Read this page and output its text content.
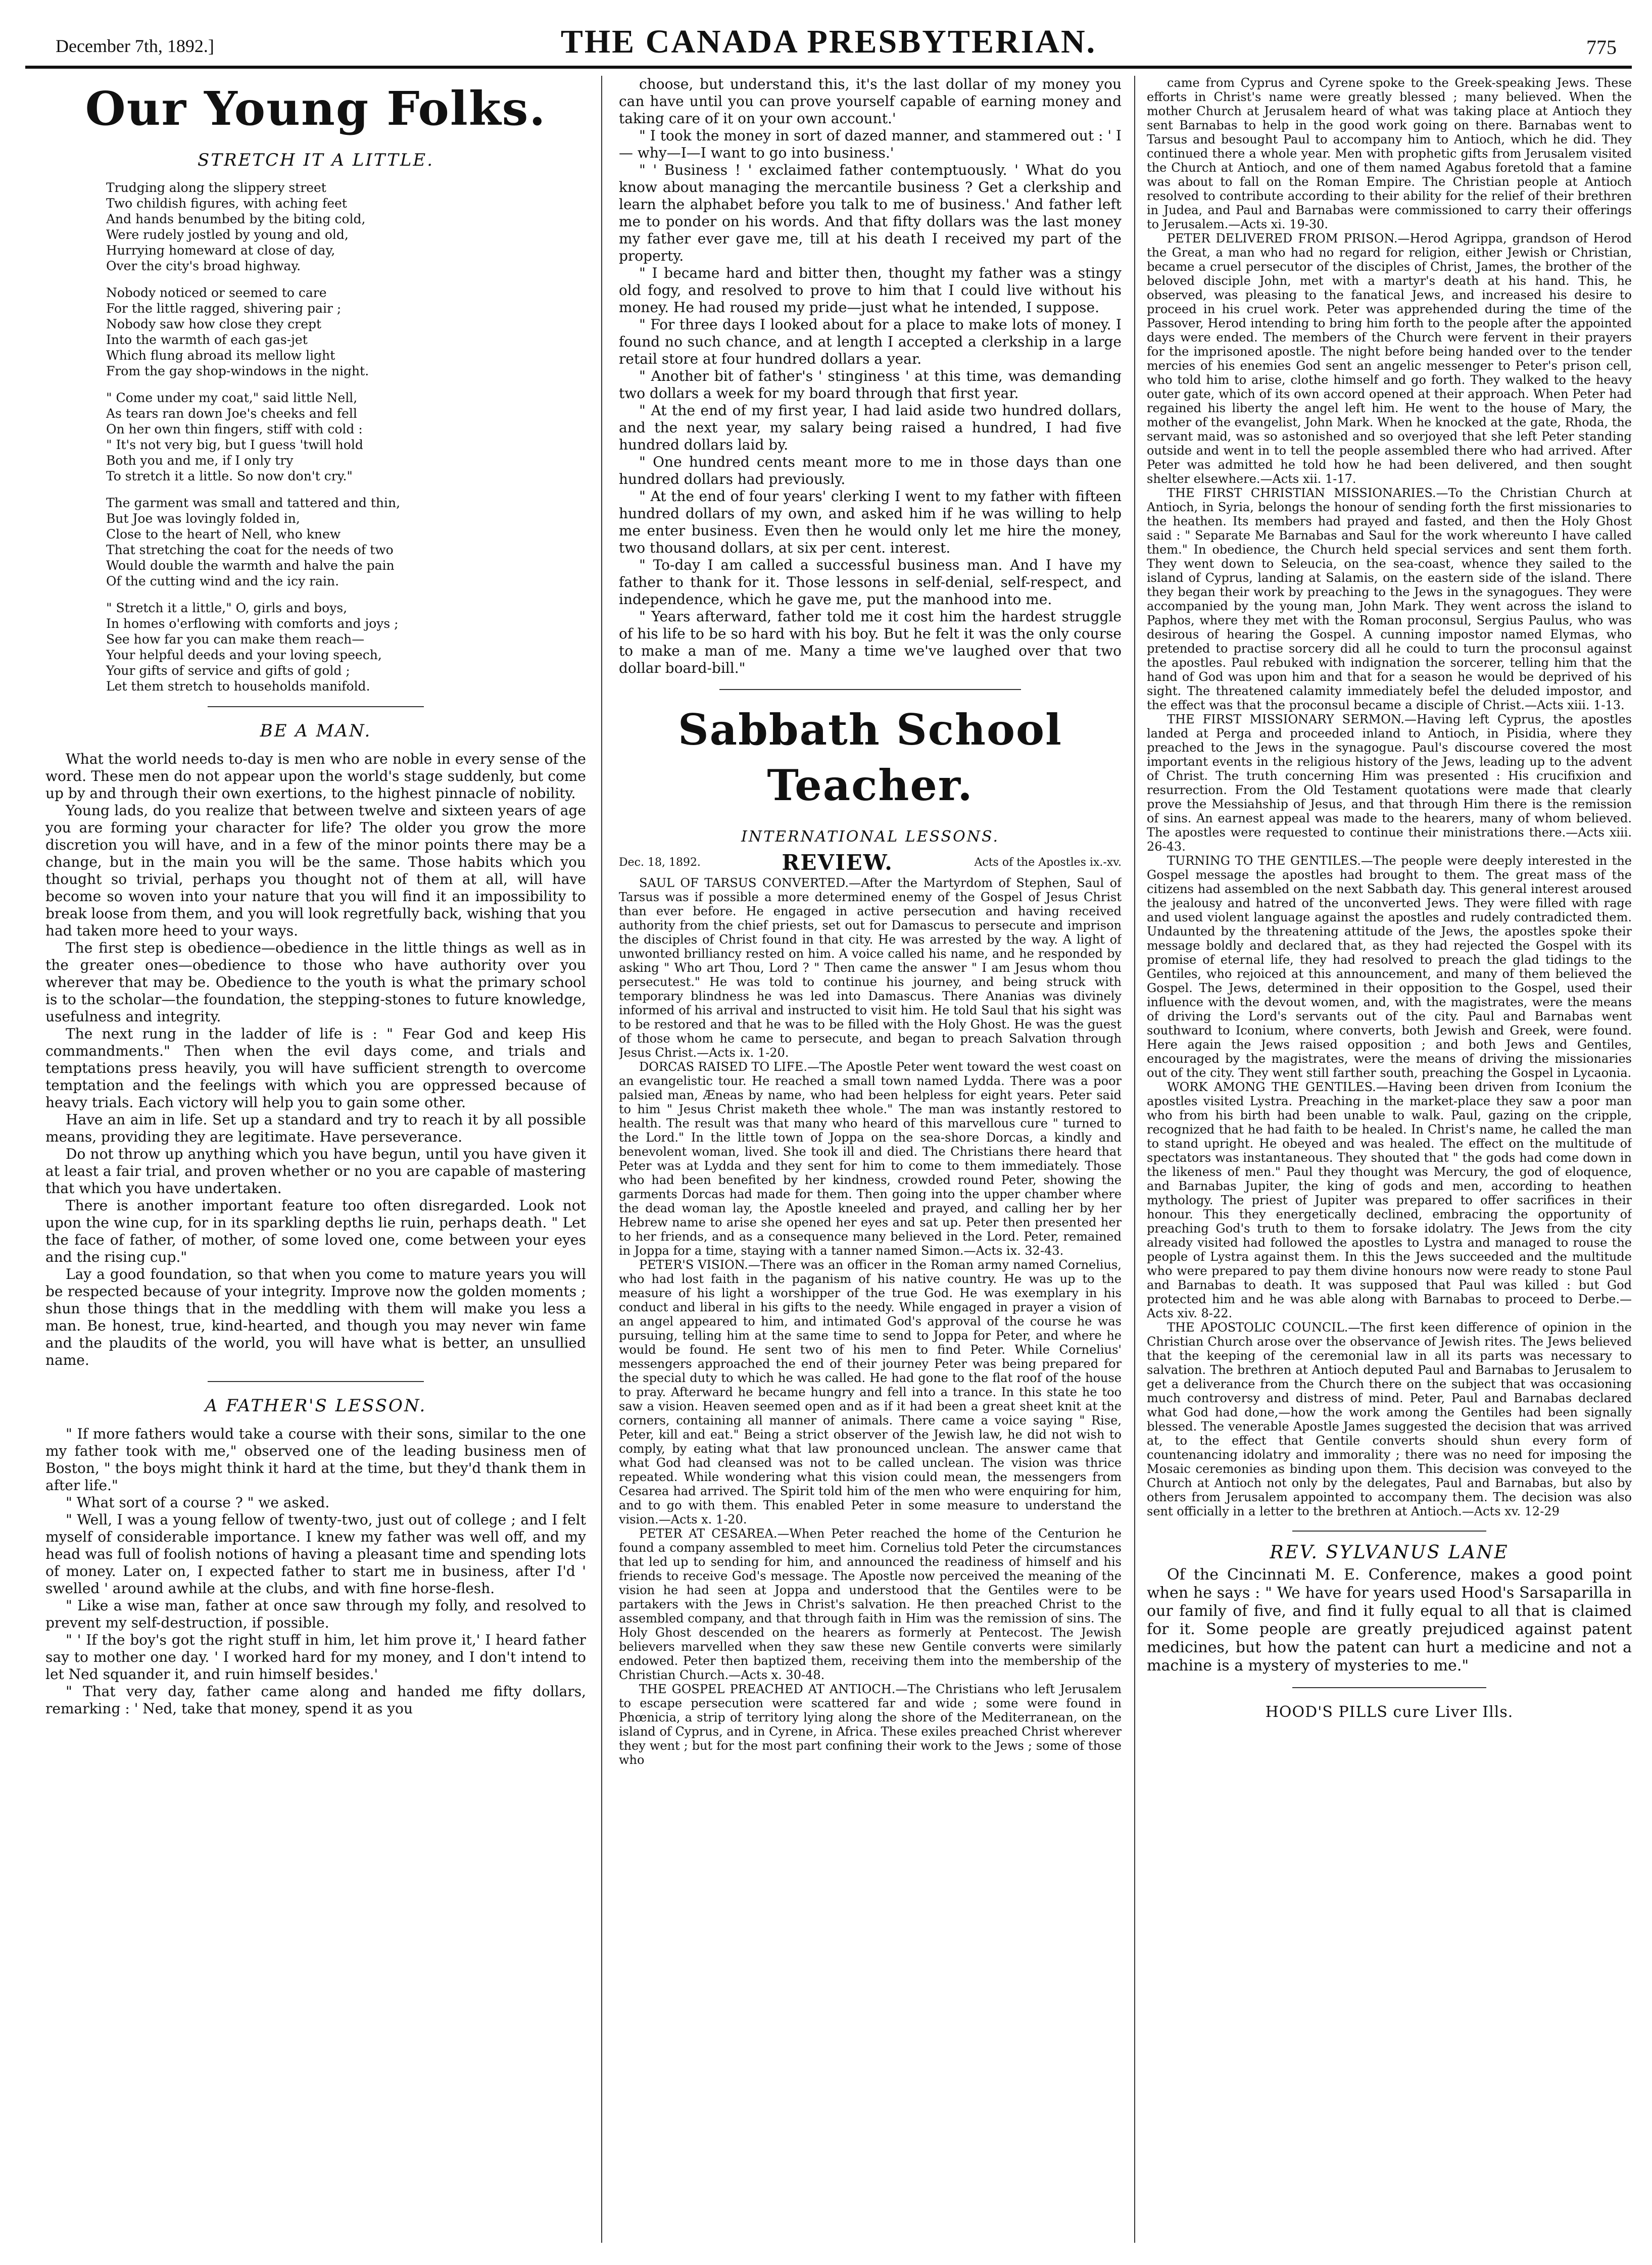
December 7th, 1892.]	THE CANADA PRESBYTERIAN.	775
Our Young Folks.
STRETCH IT A LITTLE.
Trudging along the slippery street
Two childish figures, with aching feet
And hands benumbed by the biting cold,
Were rudely jostled by young and old,
Hurrying homeward at close of day,
Over the city's broad highway.
Nobody noticed or seemed to care
For the little ragged, shivering pair ;
Nobody saw how close they crept
Into the warmth of each gas-jet
Which flung abroad its mellow light
From the gay shop-windows in the night.
" Come under my coat," said little Nell,
As tears ran down Joe's cheeks and fell
On her own thin fingers, stiff with cold :
" It's not very big, but I guess 'twill hold
Both you and me, if I only try
To stretch it a little. So now don't cry."
The garment was small and tattered and thin,
But Joe was lovingly folded in,
Close to the heart of Nell, who knew
That stretching the coat for the needs of two
Would double the warmth and halve the pain
Of the cutting wind and the icy rain.
" Stretch it a little," O, girls and boys,
In homes o'erflowing with comforts and joys ;
See how far you can make them reach—
Your helpful deeds and your loving speech,
Your gifts of service and gifts of gold ;
Let them stretch to households manifold.
BE A MAN.

What the world needs to-day is men who are noble in every sense of the word. These men do not appear upon the world's stage suddenly, but come up by and through their own exertions, to the highest pinnacle of nobility.

Young lads, do you realize that between twelve and sixteen years of age you are forming your character for life? The older you grow the more discretion you will have, and in a few of the minor points there may be a change, but in the main you will be the same. Those habits which you thought so trivial, perhaps you thought not of them at all, will have become so woven into your nature that you will find it an impossibility to break loose from them, and you will look regretfully back, wishing that you had taken more heed to your ways.

The first step is obedience—obedience in the little things as well as in the greater ones—obedience to those who have authority over you wherever that may be. Obedience to the youth is what the primary school is to the scholar—the foundation, the stepping-stones to future knowledge, usefulness and integrity.

The next rung in the ladder of life is : " Fear God and keep His commandments." Then when the evil days come, and trials and temptations press heavily, you will have sufficient strength to overcome temptation and the feelings with which you are oppressed because of heavy trials. Each victory will help you to gain some other.

Have an aim in life. Set up a standard and try to reach it by all possible means, providing they are legitimate. Have perseverance.

Do not throw up anything which you have begun, until you have given it at least a fair trial, and proven whether or no you are capable of mastering that which you have undertaken.

There is another important feature too often disregarded. Look not upon the wine cup, for in its sparkling depths lie ruin, perhaps death. " Let the face of father, of mother, of some loved one, come between your eyes and the rising cup."

Lay a good foundation, so that when you come to mature years you will be respected because of your integrity. Improve now the golden moments ; shun those things that in the meddling with them will make you less a man. Be honest, true, kind-hearted, and though you may never win fame and the plaudits of the world, you will have what is better, an unsullied name.

A FATHER'S LESSON.

" If more fathers would take a course with their sons, similar to the one my father took with me," observed one of the leading business men of Boston, " the boys might think it hard at the time, but they'd thank them in after life."

" What sort of a course ? " we asked.

" Well, I was a young fellow of twenty-two, just out of college ; and I felt myself of considerable importance. I knew my father was well off, and my head was full of foolish notions of having a pleasant time and spending lots of money. Later on, I expected father to start me in business, after I'd ' swelled ' around awhile at the clubs, and with fine horse-flesh.

" Like a wise man, father at once saw through my folly, and resolved to prevent my self-destruction, if possible.

" ' If the boy's got the right stuff in him, let him prove it,' I heard father say to mother one day. ' I worked hard for my money, and I don't intend to let Ned squander it, and ruin himself besides.'

" That very day, father came along and handed me fifty dollars, remarking : ' Ned, take that money, spend it as you

choose, but understand this, it's the last dollar of my money you can have until you can prove yourself capable of earning money and taking care of it on your own account.'

" I took the money in sort of dazed manner, and stammered out : ' I— why—I—I want to go into business.'

" ' Business ! ' exclaimed father contemptuously. ' What do you know about managing the mercantile business ? Get a clerkship and learn the alphabet before you talk to me of business.' And father left me to ponder on his words. And that fifty dollars was the last money my father ever gave me, till at his death I received my part of the property.

" I became hard and bitter then, thought my father was a stingy old fogy, and resolved to prove to him that I could live without his money. He had roused my pride—just what he intended, I suppose.

" For three days I looked about for a place to make lots of money. I found no such chance, and at length I accepted a clerkship in a large retail store at four hundred dollars a year.

" Another bit of father's ' stinginess ' at this time, was demanding two dollars a week for my board through that first year.

" At the end of my first year, I had laid aside two hundred dollars, and the next year, my salary being raised a hundred, I had five hundred dollars laid by.

" One hundred cents meant more to me in those days than one hundred dollars had previously.

" At the end of four years' clerking I went to my father with fifteen hundred dollars of my own, and asked him if he was willing to help me enter business. Even then he would only let me hire the money, two thousand dollars, at six per cent. interest.

" To-day I am called a successful business man. And I have my father to thank for it. Those lessons in self-denial, self-respect, and independence, which he gave me, put the manhood into me.

" Years afterward, father told me it cost him the hardest struggle of his life to be so hard with his boy. But he felt it was the only course to make a man of me. Many a time we've laughed over that two dollar board-bill."

Sabbath School Teacher.
INTERNATIONAL LESSONS.
Dec. 18, 1892.	REVIEW.	Acts of the Apostles ix.-xv.

SAUL OF TARSUS CONVERTED.—After the Martyrdom of Stephen, Saul of Tarsus was if possible a more determined enemy of the Gospel of Jesus Christ than ever before. He engaged in active persecution and having received authority from the chief priests, set out for Damascus to persecute and imprison the disciples of Christ found in that city. He was arrested by the way. A light of unwonted brilliancy rested on him. A voice called his name, and he responded by asking " Who art Thou, Lord ? " Then came the answer " I am Jesus whom thou persecutest." He was told to continue his journey, and being struck with temporary blindness he was led into Damascus. There Ananias was divinely informed of his arrival and instructed to visit him. He told Saul that his sight was to be restored and that he was to be filled with the Holy Ghost. He was the guest of those whom he came to persecute, and began to preach Salvation through Jesus Christ.—Acts ix. 1-20.

DORCAS RAISED TO LIFE.—The Apostle Peter went toward the west coast on an evangelistic tour. He reached a small town named Lydda. There was a poor palsied man, Æneas by name, who had been helpless for eight years. Peter said to him " Jesus Christ maketh thee whole." The man was instantly restored to health. The result was that many who heard of this marvellous cure " turned to the Lord." In the little town of Joppa on the sea-shore Dorcas, a kindly and benevolent woman, lived. She took ill and died. The Christians there heard that Peter was at Lydda and they sent for him to come to them immediately. Those who had been benefited by her kindness, crowded round Peter, showing the garments Dorcas had made for them. Then going into the upper chamber where the dead woman lay, the Apostle kneeled and prayed, and calling her by her Hebrew name to arise she opened her eyes and sat up. Peter then presented her to her friends, and as a consequence many believed in the Lord. Peter, remained in Joppa for a time, staying with a tanner named Simon.—Acts ix. 32-43.

PETER'S VISION.—There was an officer in the Roman army named Cornelius, who had lost faith in the paganism of his native country. He was up to the measure of his light a worshipper of the true God. He was exemplary in his conduct and liberal in his gifts to the needy. While engaged in prayer a vision of an angel appeared to him, and intimated God's approval of the course he was pursuing, telling him at the same time to send to Joppa for Peter, and where he would be found. He sent two of his men to find Peter. While Cornelius' messengers approached the end of their journey Peter was being prepared for the special duty to which he was called. He had gone to the flat roof of the house to pray. Afterward he became hungry and fell into a trance. In this state he too saw a vision. Heaven seemed open and as if it had been a great sheet knit at the corners, containing all manner of animals. There came a voice saying " Rise, Peter, kill and eat." Being a strict observer of the Jewish law, he did not wish to comply, by eating what that law pronounced unclean. The answer came that what God had cleansed was not to be called unclean. The vision was thrice repeated. While wondering what this vision could mean, the messengers from Cesarea had arrived. The Spirit told him of the men who were enquiring for him, and to go with them. This enabled Peter in some measure to understand the vision.—Acts x. 1-20.

PETER AT CESAREA.—When Peter reached the home of the Centurion he found a company assembled to meet him. Cornelius told Peter the circumstances that led up to sending for him, and announced the readiness of himself and his friends to receive God's message. The Apostle now perceived the meaning of the vision he had seen at Joppa and understood that the Gentiles were to be partakers with the Jews in Christ's salvation. He then preached Christ to the assembled company, and that through faith in Him was the remission of sins. The Holy Ghost descended on the hearers as formerly at Pentecost. The Jewish believers marvelled when they saw these new Gentile converts were similarly endowed. Peter then baptized them, receiving them into the membership of the Christian Church.—Acts x. 30-48.

THE GOSPEL PREACHED AT ANTIOCH.—The Christians who left Jerusalem to escape persecution were scattered far and wide ; some were found in Phœnicia, a strip of territory lying along the shore of the Mediterranean, on the island of Cyprus, and in Cyrene, in Africa. These exiles preached Christ wherever they went ; but for the most part confining their work to the Jews ; some of those who

came from Cyprus and Cyrene spoke to the Greek-speaking Jews. These efforts in Christ's name were greatly blessed ; many believed. When the mother Church at Jerusalem heard of what was taking place at Antioch they sent Barnabas to help in the good work going on there. Barnabas went to Tarsus and besought Paul to accompany him to Antioch, which he did. They continued there a whole year. Men with prophetic gifts from Jerusalem visited the Church at Antioch, and one of them named Agabus foretold that a famine was about to fall on the Roman Empire. The Christian people at Antioch resolved to contribute according to their ability for the relief of their brethren in Judea, and Paul and Barnabas were commissioned to carry their offerings to Jerusalem.—Acts xi. 19-30.

PETER DELIVERED FROM PRISON.—Herod Agrippa, grandson of Herod the Great, a man who had no regard for religion, either Jewish or Christian, became a cruel persecutor of the disciples of Christ, James, the brother of the beloved disciple John, met with a martyr's death at his hand. This, he observed, was pleasing to the fanatical Jews, and increased his desire to proceed in his cruel work. Peter was apprehended during the time of the Passover, Herod intending to bring him forth to the people after the appointed days were ended. The members of the Church were fervent in their prayers for the imprisoned apostle. The night before being handed over to the tender mercies of his enemies God sent an angelic messenger to Peter's prison cell, who told him to arise, clothe himself and go forth. They walked to the heavy outer gate, which of its own accord opened at their approach. When Peter had regained his liberty the angel left him. He went to the house of Mary, the mother of the evangelist, John Mark. When he knocked at the gate, Rhoda, the servant maid, was so astonished and so overjoyed that she left Peter standing outside and went in to tell the people assembled there who had arrived. After Peter was admitted he told how he had been delivered, and then sought shelter elsewhere.—Acts xii. 1-17.

THE FIRST CHRISTIAN MISSIONARIES.—To the Christian Church at Antioch, in Syria, belongs the honour of sending forth the first missionaries to the heathen. Its members had prayed and fasted, and then the Holy Ghost said : " Separate Me Barnabas and Saul for the work whereunto I have called them." In obedience, the Church held special services and sent them forth. They went down to Seleucia, on the sea-coast, whence they sailed to the island of Cyprus, landing at Salamis, on the eastern side of the island. There they began their work by preaching to the Jews in the synagogues. They were accompanied by the young man, John Mark. They went across the island to Paphos, where they met with the Roman proconsul, Sergius Paulus, who was desirous of hearing the Gospel. A cunning impostor named Elymas, who pretended to practise sorcery did all he could to turn the proconsul against the apostles. Paul rebuked with indignation the sorcerer, telling him that the hand of God was upon him and that for a season he would be deprived of his sight. The threatened calamity immediately befel the deluded impostor, and the effect was that the proconsul became a disciple of Christ.—Acts xiii. 1-13.

THE FIRST MISSIONARY SERMON.—Having left Cyprus, the apostles landed at Perga and proceeded inland to Antioch, in Pisidia, where they preached to the Jews in the synagogue. Paul's discourse covered the most important events in the religious history of the Jews, leading up to the advent of Christ. The truth concerning Him was presented : His crucifixion and resurrection. From the Old Testament quotations were made that clearly prove the Messiahship of Jesus, and that through Him there is the remission of sins. An earnest appeal was made to the hearers, many of whom believed. The apostles were requested to continue their ministrations there.—Acts xiii. 26-43.

TURNING TO THE GENTILES.—The people were deeply interested in the Gospel message the apostles had brought to them. The great mass of the citizens had assembled on the next Sabbath day. This general interest aroused the jealousy and hatred of the unconverted Jews. They were filled with rage and used violent language against the apostles and rudely contradicted them. Undaunted by the threatening attitude of the Jews, the apostles spoke their message boldly and declared that, as they had rejected the Gospel with its promise of eternal life, they had resolved to preach the glad tidings to the Gentiles, who rejoiced at this announcement, and many of them believed the Gospel. The Jews, determined in their opposition to the Gospel, used their influence with the devout women, and, with the magistrates, were the means of driving the Lord's servants out of the city. Paul and Barnabas went southward to Iconium, where converts, both Jewish and Greek, were found. Here again the Jews raised opposition ; and both Jews and Gentiles, encouraged by the magistrates, were the means of driving the missionaries out of the city. They went still farther south, preaching the Gospel in Lycaonia.

WORK AMONG THE GENTILES.—Having been driven from Iconium the apostles visited Lystra. Preaching in the market-place they saw a poor man who from his birth had been unable to walk. Paul, gazing on the cripple, recognized that he had faith to be healed. In Christ's name, he called the man to stand upright. He obeyed and was healed. The effect on the multitude of spectators was instantaneous. They shouted that " the gods had come down in the likeness of men." Paul they thought was Mercury, the god of eloquence, and Barnabas Jupiter, the king of gods and men, according to heathen mythology. The priest of Jupiter was prepared to offer sacrifices in their honour. This they energetically declined, embracing the opportunity of preaching God's truth to them to forsake idolatry. The Jews from the city already visited had followed the apostles to Lystra and managed to rouse the people of Lystra against them. In this the Jews succeeded and the multitude who were prepared to pay them divine honours now were ready to stone Paul and Barnabas to death. It was supposed that Paul was killed : but God protected him and he was able along with Barnabas to proceed to Derbe.—Acts xiv. 8-22.

THE APOSTOLIC COUNCIL.—The first keen difference of opinion in the Christian Church arose over the observance of Jewish rites. The Jews believed that the keeping of the ceremonial law in all its parts was necessary to salvation. The brethren at Antioch deputed Paul and Barnabas to Jerusalem to get a deliverance from the Church there on the subject that was occasioning much controversy and distress of mind. Peter, Paul and Barnabas declared what God had done,—how the work among the Gentiles had been signally blessed. The venerable Apostle James suggested the decision that was arrived at, to the effect that Gentile converts should shun every form of countenancing idolatry and immorality ; there was no need for imposing the Mosaic ceremonies as binding upon them. This decision was conveyed to the Church at Antioch not only by the delegates, Paul and Barnabas, but also by others from Jerusalem appointed to accompany them. The decision was also sent officially in a letter to the brethren at Antioch.—Acts xv. 12-29

REV. SYLVANUS LANE

Of the Cincinnati M. E. Conference, makes a good point when he says : " We have for years used Hood's Sarsaparilla in our family of five, and find it fully equal to all that is claimed for it. Some people are greatly prejudiced against patent medicines, but how the patent can hurt a medicine and not a machine is a mystery of mysteries to me."

HOOD'S PILLS cure Liver Ills.
